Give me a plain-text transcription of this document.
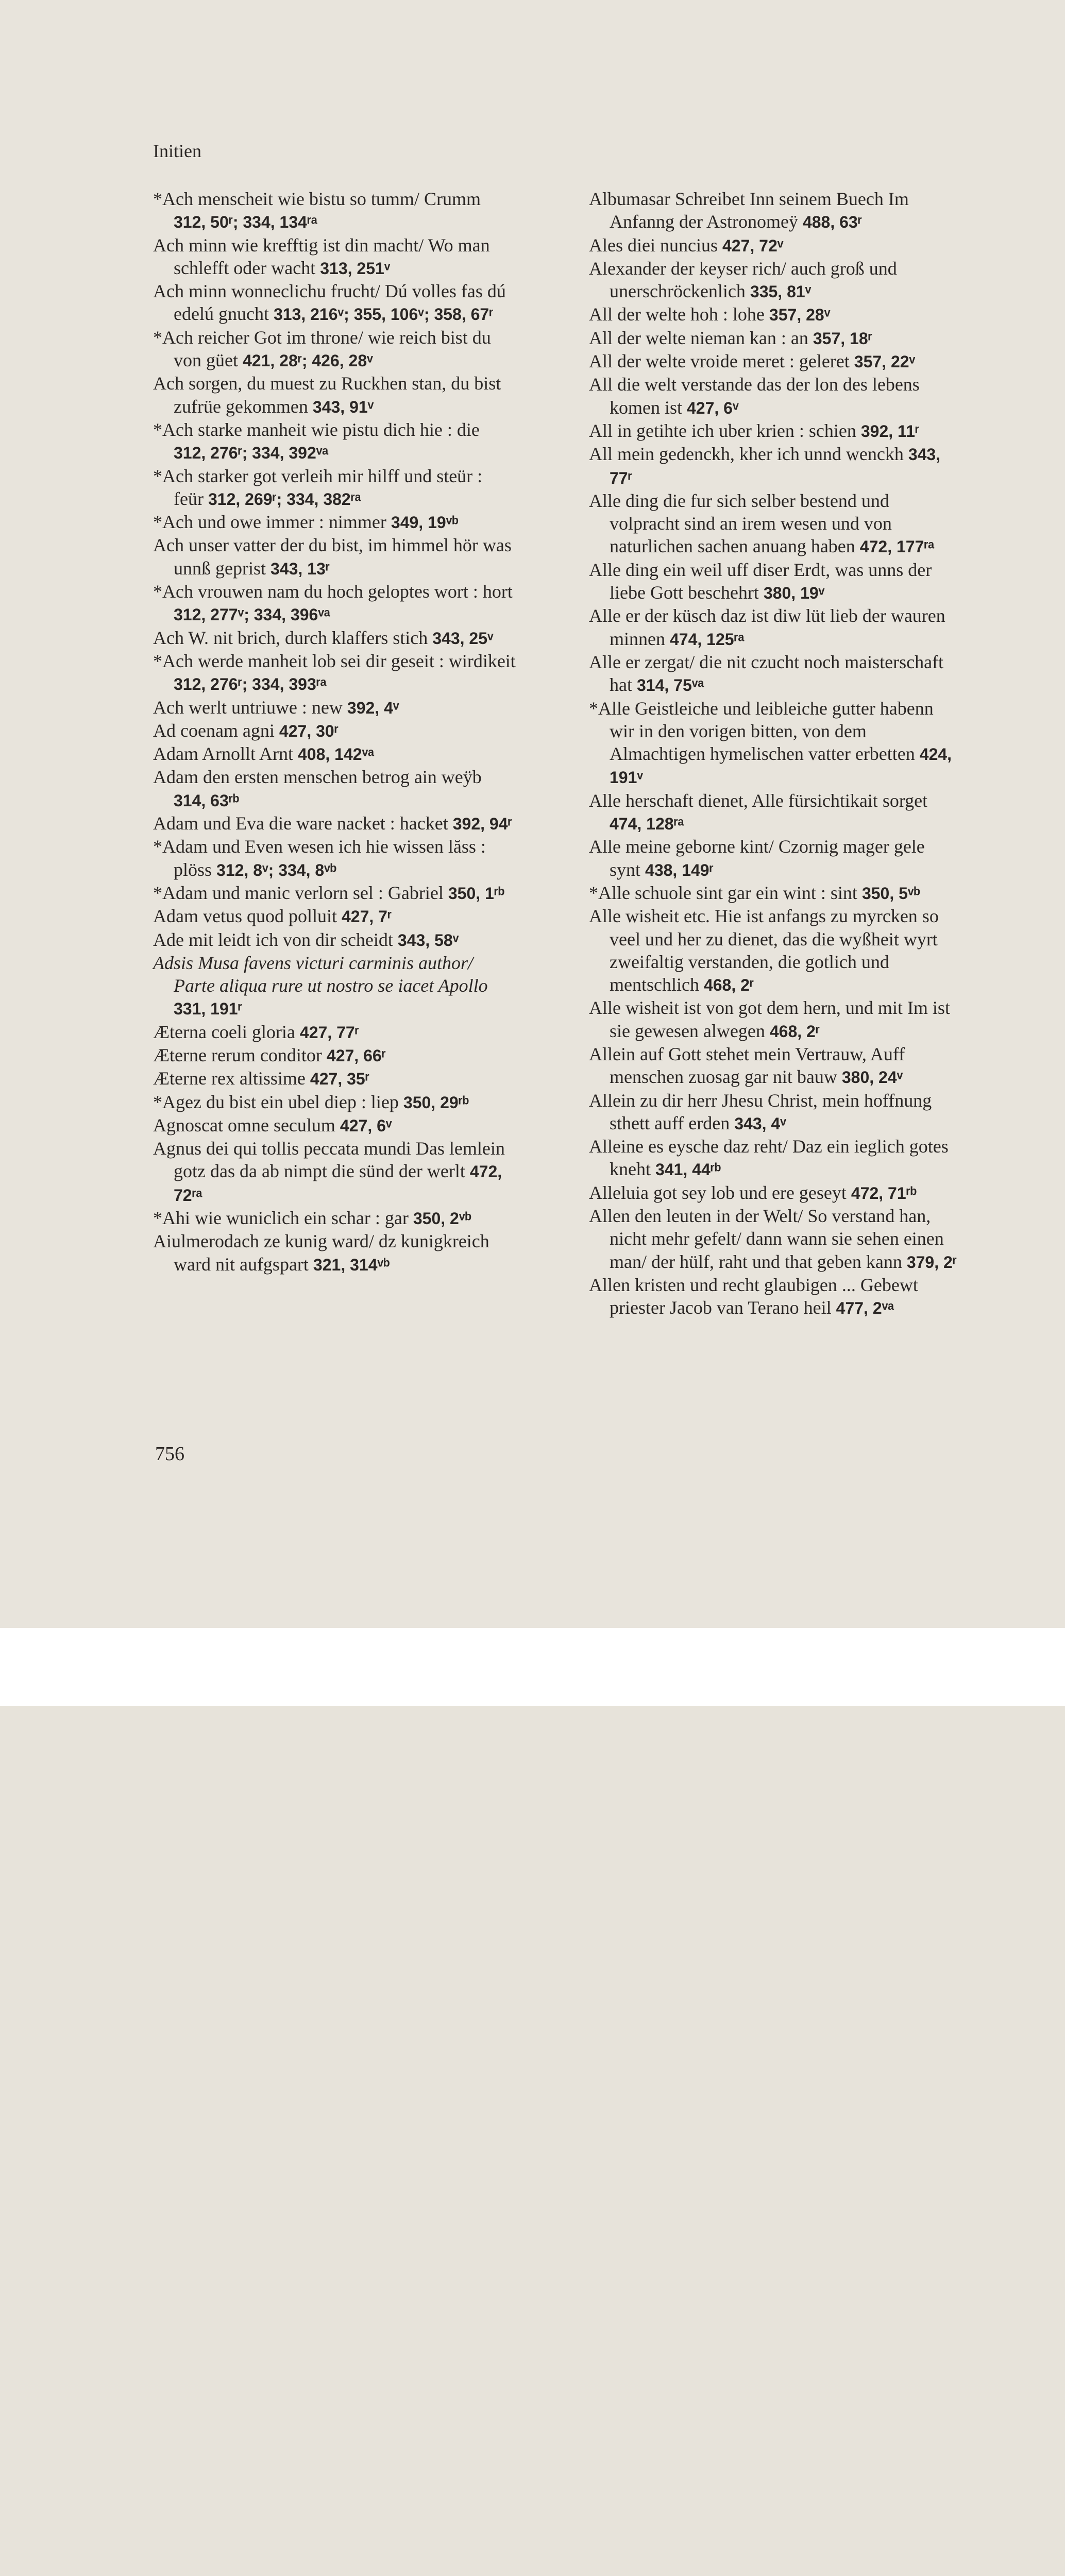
Initien
*Ach menscheit wie bistu so tumm/ Crumm 312, 50ʳ; 334, 134ʳᵃ
Ach minn wie krefftig ist din macht/ Wo man schlefft oder wacht 313, 251ᵛ
Ach minn wonneclichu frucht/ Dú volles fas dú edelú gnucht 313, 216ᵛ; 355, 106ᵛ; 358, 67ʳ
*Ach reicher Got im throne/ wie reich bist du von güet 421, 28ʳ; 426, 28ᵛ
Ach sorgen, du muest zu Ruckhen stan, du bist zufrüe gekommen 343, 91ᵛ
*Ach starke manheit wie pistu dich hie : die 312, 276ʳ; 334, 392ᵛᵃ
*Ach starker got verleih mir hilff und steür : feür 312, 269ʳ; 334, 382ʳᵃ
*Ach und owe immer : nimmer 349, 19ᵛᵇ
Ach unser vatter der du bist, im himmel hör was unnß geprist 343, 13ʳ
*Ach vrouwen nam du hoch geloptes wort : hort 312, 277ᵛ; 334, 396ᵛᵃ
Ach W. nit brich, durch klaffers stich 343, 25ᵛ
*Ach werde manheit lob sei dir geseit : wirdikeit 312, 276ʳ; 334, 393ʳᵃ
Ach werlt untriuwe : new 392, 4ᵛ
Ad coenam agni 427, 30ʳ
Adam Arnollt Arnt 408, 142ᵛᵃ
Adam den ersten menschen betrog ain weÿb 314, 63ʳᵇ
Adam und Eva die ware nacket : hacket 392, 94ʳ
*Adam und Even wesen ich hie wissen lăss : plöss 312, 8ᵛ; 334, 8ᵛᵇ
*Adam und manic verlorn sel : Gabriel 350, 1ʳᵇ
Adam vetus quod polluit 427, 7ʳ
Ade mit leidt ich von dir scheidt 343, 58ᵛ
Adsis Musa favens victuri carminis author/ Parte aliqua rure ut nostro se iacet Apollo 331, 191ʳ
Æterna coeli gloria 427, 77ʳ
Æterne rerum conditor 427, 66ʳ
Æterne rex altissime 427, 35ʳ
*Agez du bist ein ubel diep : liep 350, 29ʳᵇ
Agnoscat omne seculum 427, 6ᵛ
Agnus dei qui tollis peccata mundi Das lemlein gotz das da ab nimpt die sünd der werlt 472, 72ʳᵃ
*Ahi wie wuniclich ein schar : gar 350, 2ᵛᵇ
Aiulmerodach ze kunig ward/ dz kunigkreich ward nit aufgspart 321, 314ᵛᵇ
Albumasar Schreibet Inn seinem Buech Im Anfanng der Astronomeÿ 488, 63ʳ
Ales diei nuncius 427, 72ᵛ
Alexander der keyser rich/ auch groß und unerschröckenlich 335, 81ᵛ
All der welte hoh : lohe 357, 28ᵛ
All der welte nieman kan : an 357, 18ʳ
All der welte vroide meret : geleret 357, 22ᵛ
All die welt verstande das der lon des lebens komen ist 427, 6ᵛ
All in getihte ich uber krien : schien 392, 11ʳ
All mein gedenckh, kher ich unnd wenckh 343, 77ʳ
Alle ding die fur sich selber bestend und volpracht sind an irem wesen und von naturlichen sachen anuang haben 472, 177ʳᵃ
Alle ding ein weil uff diser Erdt, was unns der liebe Gott beschehrt 380, 19ᵛ
Alle er der küsch daz ist diw lüt lieb der wauren minnen 474, 125ʳᵃ
Alle er zergat/ die nit czucht noch maisterschaft hat 314, 75ᵛᵃ
*Alle Geistleiche und leibleiche gutter habenn wir in den vorigen bitten, von dem Almachtigen hymelischen vatter erbetten 424, 191ᵛ
Alle herschaft dienet, Alle fürsichtikait sorget 474, 128ʳᵃ
Alle meine geborne kint/ Czornig mager gele synt 438, 149ʳ
*Alle schuole sint gar ein wint : sint 350, 5ᵛᵇ
Alle wisheit etc. Hie ist anfangs zu myrcken so veel und her zu dienet, das die wyßheit wyrt zweifaltig verstanden, die gotlich und mentschlich 468, 2ʳ
Alle wisheit ist von got dem hern, und mit Im ist sie gewesen alwegen 468, 2ʳ
Allein auf Gott stehet mein Vertrauw, Auff menschen zuosag gar nit bauw 380, 24ᵛ
Allein zu dir herr Jhesu Christ, mein hoffnung sthett auff erden 343, 4ᵛ
Alleine es eysche daz reht/ Daz ein ieglich gotes kneht 341, 44ʳᵇ
Alleluia got sey lob und ere geseyt 472, 71ʳᵇ
Allen den leuten in der Welt/ So verstand han, nicht mehr gefelt/ dann wann sie sehen einen man/ der hülf, raht und that geben kann 379, 2ʳ
Allen kristen und recht glaubigen ... Gebewt priester Jacob van Terano heil 477, 2ᵛᵃ
756
